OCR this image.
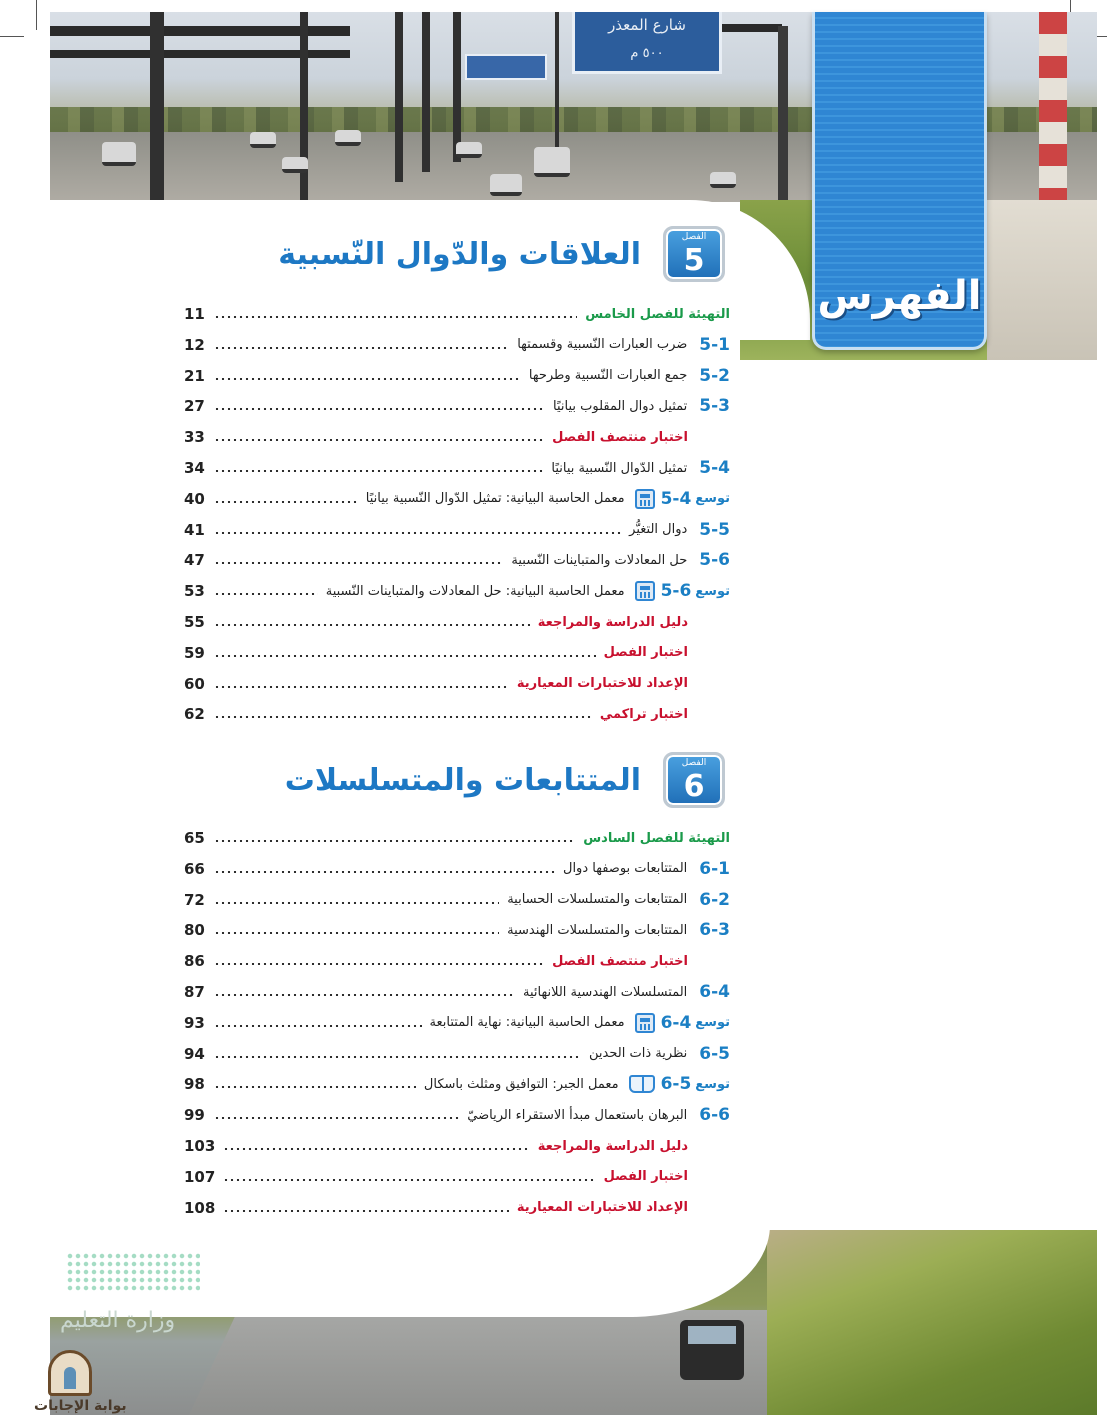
شارع المعذر
٥٠٠ م
الفهرس
الفصل
5
العلاقات والدّوال النّسبية
التهيئة للفصل الخامس
11
5-1
ضرب العبارات النّسبية وقسمتها
12
5-2
جمع العبارات النّسبية وطرحها
21
5-3
تمثيل دوال المقلوب بيانيًا
27
اختبار منتصف الفصل
33
5-4
تمثيل الدّوال النّسبية بيانيًا
34
توسع
5-4
معمل الحاسبة البيانية: تمثيل الدّوال النّسبية بيانيًا
40
5-5
دوال التغيُّر
41
5-6
حل المعادلات والمتباينات النّسبية
47
توسع
5-6
معمل الحاسبة البيانية: حل المعادلات والمتباينات النّسبية
53
دليل الدراسة والمراجعة
55
اختبار الفصل
59
الإعداد للاختبارات المعيارية
60
اختبار تراكمي
62
الفصل
6
المتتابعات والمتسلسلات
التهيئة للفصل السادس
65
6-1
المتتابعات بوصفها دوال
66
6-2
المتتابعات والمتسلسلات الحسابية
72
6-3
المتتابعات والمتسلسلات الهندسية
80
اختبار منتصف الفصل
86
6-4
المتسلسلات الهندسية اللانهائية
87
توسع
6-4
معمل الحاسبة البيانية: نهاية المتتابعة
93
6-5
نظرية ذات الحدين
94
توسع
6-5
معمل الجبر: التوافيق ومثلث باسكال
98
6-6
البرهان باستعمال مبدأ الاستقراء الرياضيّ
99
دليل الدراسة والمراجعة
103
اختبار الفصل
107
الإعداد للاختبارات المعيارية
108
وزارة التعليم
بوابة الإجابات
